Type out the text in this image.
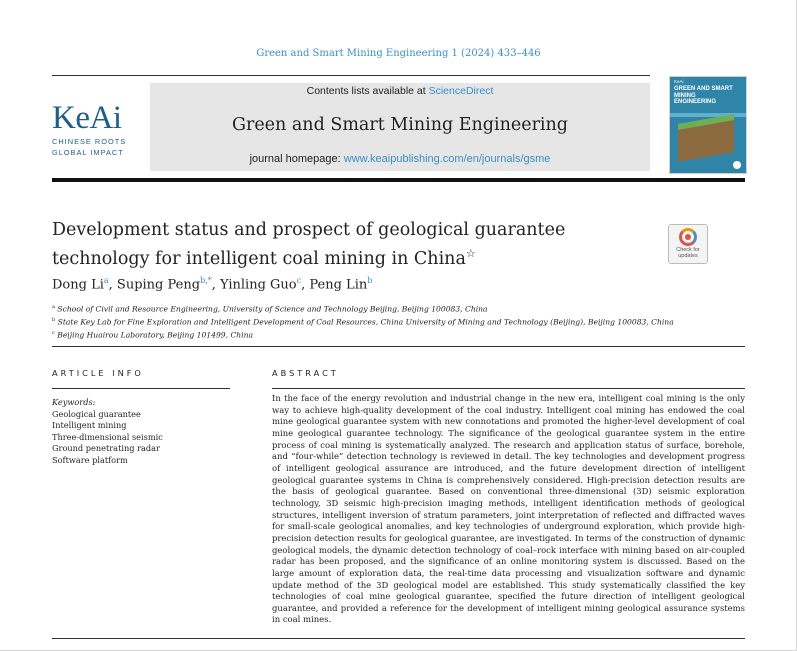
Green and Smart Mining Engineering 1 (2024) 433–446
KeAi
CHINESE ROOTS
GLOBAL IMPACT
Contents lists available at ScienceDirect
Green and Smart Mining Engineering
journal homepage: www.keaipublishing.com/en/journals/gsme
KeAi
GREEN AND SMART MINING
ENGINEERING
Development status and prospect of geological guarantee technology for intelligent coal mining in China☆	Check for updates
Dong Li$^a$, Suping Peng$^{b,*}$, Yinling Guo$^c$, Peng Lin$^b$
$^a$ School of Civil and Resource Engineering, University of Science and Technology Beijing, Beijing 100083, China
$^b$ State Key Lab for Fine Exploration and Intelligent Development of Coal Resources, China University of Mining and Technology (Beijing), Beijing 100083, China
$^c$ Beijing Huairou Laboratory, Beijing 101499, China
ARTICLE INFO
Keywords:
Geological guarantee
Intelligent mining
Three-dimensional seismic
Ground penetrating radar
Software platform
ABSTRACT
In the face of the energy revolution and industrial change in the new era, intelligent coal mining is the only way to achieve high-quality development of the coal industry. Intelligent coal mining has endowed the coal mine geological guarantee system with new connotations and promoted the higher-level development of coal mine geological guarantee technology. The significance of the geological guarantee system in the entire process of coal mining is systematically analyzed. The research and application status of surface, borehole, and “four-while” detection technology is reviewed in detail. The key technologies and development progress of intelligent geological assurance are introduced, and the future development direction of intelligent geological guarantee systems in China is comprehensively considered. High-precision detection results are the basis of geological guarantee. Based on conventional three-dimensional (3D) seismic exploration technology, 3D seismic high-precision imaging methods, intelligent identification methods of geological structures, intelligent inversion of stratum parameters, joint interpretation of reflected and diffracted waves for small-scale geological anomalies, and key technologies of underground exploration, which provide high-precision detection results for geological guarantee, are investigated. In terms of the construction of dynamic geological models, the dynamic detection technology of coal–rock interface with mining based on air-coupled radar has been proposed, and the significance of an online monitoring system is discussed. Based on the large amount of exploration data, the real-time data processing and visualization software and dynamic update method of the 3D geological model are established. This study systematically classified the key technologies of coal mine geological guarantee, specified the future direction of intelligent geological guarantee, and provided a reference for the development of intelligent mining geological assurance systems in coal mines.
